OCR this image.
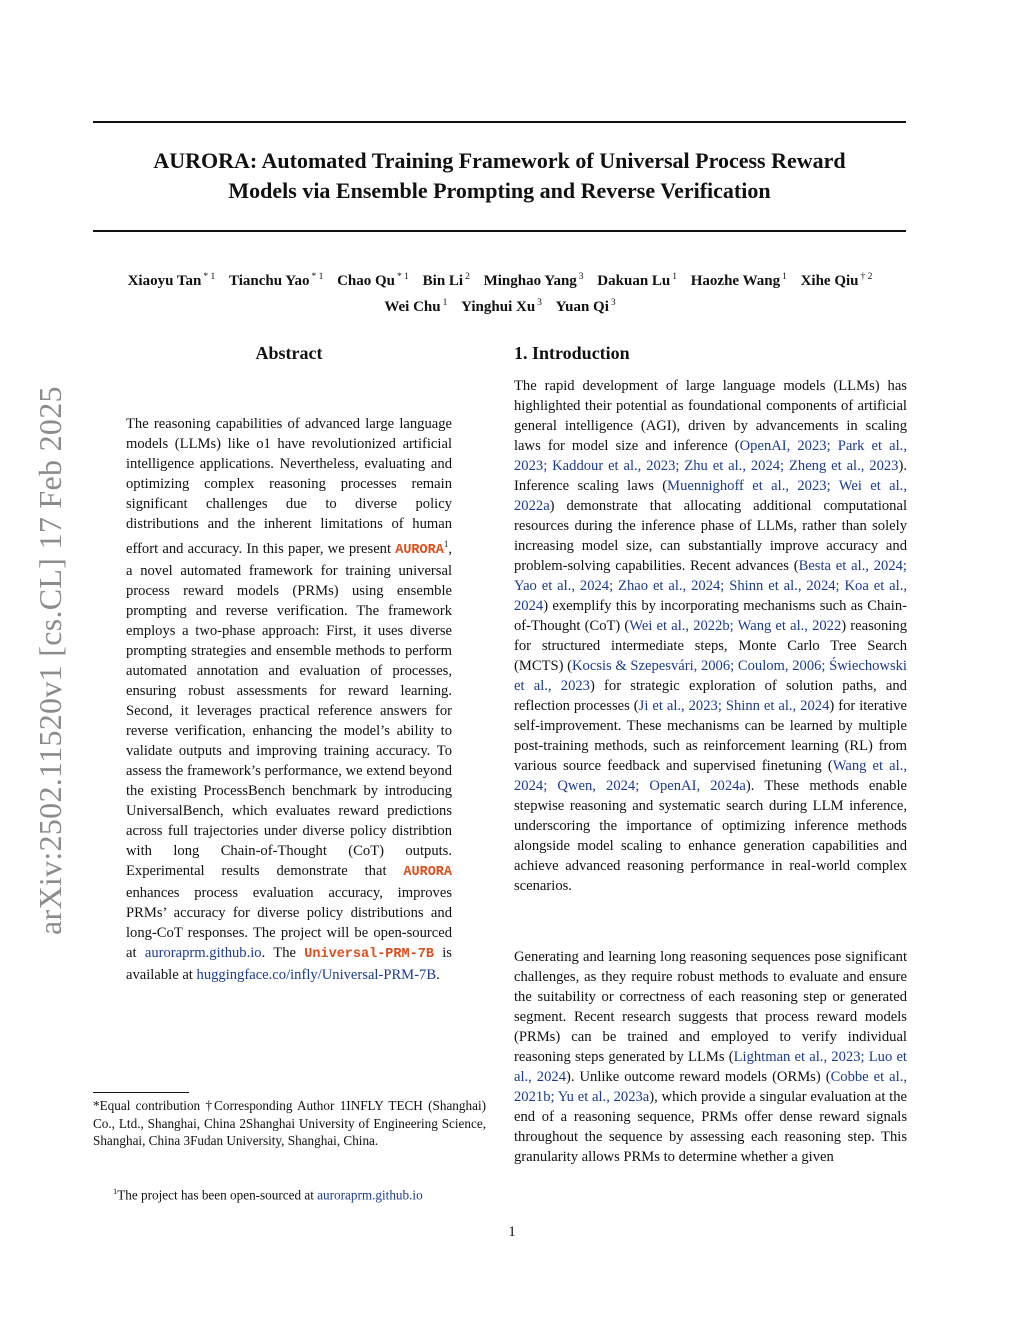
AURORA: Automated Training Framework of Universal Process Reward
Models via Ensemble Prompting and Reverse Verification
Xiaoyu Tan $^{* 1}$ Tianchu Yao $^{* 1}$ Chao Qu $^{* 1}$ Bin Li $^2$ Minghao Yang $^3$ Dakuan Lu $^1$ Haozhe Wang $^1$ Xihe Qiu $^{\dagger 2}$
Wei Chu $^1$ Yinghui Xu $^3$ Yuan Qi $^3$
arXiv:2502.11520v1 [cs.CL] 17 Feb 2025
Abstract

The reasoning capabilities of advanced large language models (LLMs) like o1 have revolutionized artificial intelligence applications. Nevertheless, evaluating and optimizing complex reasoning processes remain significant challenges due to diverse policy distributions and the inherent limitations of human effort and accuracy. In this paper, we present AURORA$^1$, a novel automated framework for training universal process reward models (PRMs) using ensemble prompting and reverse verification. The framework employs a two-phase approach: First, it uses diverse prompting strategies and ensemble methods to perform automated annotation and evaluation of processes, ensuring robust assessments for reward learning. Second, it leverages practical reference answers for reverse verification, enhancing the model’s ability to validate outputs and improving training accuracy. To assess the framework’s performance, we extend beyond the existing ProcessBench benchmark by introducing UniversalBench, which evaluates reward predictions across full trajectories under diverse policy distribtion with long Chain-of-Thought (CoT) outputs. Experimental results demonstrate that AURORA enhances process evaluation accuracy, improves PRMs’ accuracy for diverse policy distributions and long-CoT responses. The project will be open-sourced at auroraprm.github.io. The Universal-PRM-7B is available at huggingface.co/infly/Universal-PRM-7B.

*Equal contribution †Corresponding Author 1INFLY TECH (Shanghai) Co., Ltd., Shanghai, China 2Shanghai University of Engineering Science, Shanghai, China 3Fudan University, Shanghai, China.
$^1$The project has been open-sourced at auroraprm.github.io
1. Introduction

The rapid development of large language models (LLMs) has highlighted their potential as foundational components of artificial general intelligence (AGI), driven by advancements in scaling laws for model size and inference (OpenAI, 2023; Park et al., 2023; Kaddour et al., 2023; Zhu et al., 2024; Zheng et al., 2023). Inference scaling laws (Muennighoff et al., 2023; Wei et al., 2022a) demonstrate that allocating additional computational resources during the inference phase of LLMs, rather than solely increasing model size, can substantially improve accuracy and problem-solving capabilities. Recent advances (Besta et al., 2024; Yao et al., 2024; Zhao et al., 2024; Shinn et al., 2024; Koa et al., 2024) exemplify this by incorporating mechanisms such as Chain-of-Thought (CoT) (Wei et al., 2022b; Wang et al., 2022) reasoning for structured intermediate steps, Monte Carlo Tree Search (MCTS) (Kocsis & Szepesvári, 2006; Coulom, 2006; Świechowski et al., 2023) for strategic exploration of solution paths, and reflection processes (Ji et al., 2023; Shinn et al., 2024) for iterative self-improvement. These mechanisms can be learned by multiple post-training methods, such as reinforcement learning (RL) from various source feedback and supervised finetuning (Wang et al., 2024; Qwen, 2024; OpenAI, 2024a). These methods enable stepwise reasoning and systematic search during LLM inference, underscoring the importance of optimizing inference methods alongside model scaling to enhance generation capabilities and achieve advanced reasoning performance in real-world complex scenarios.

Generating and learning long reasoning sequences pose significant challenges, as they require robust methods to evaluate and ensure the suitability or correctness of each reasoning step or generated segment. Recent research suggests that process reward models (PRMs) can be trained and employed to verify individual reasoning steps generated by LLMs (Lightman et al., 2023; Luo et al., 2024). Unlike outcome reward models (ORMs) (Cobbe et al., 2021b; Yu et al., 2023a), which provide a singular evaluation at the end of a reasoning sequence, PRMs offer dense reward signals throughout the sequence by assessing each reasoning step. This granularity allows PRMs to determine whether a given

1
